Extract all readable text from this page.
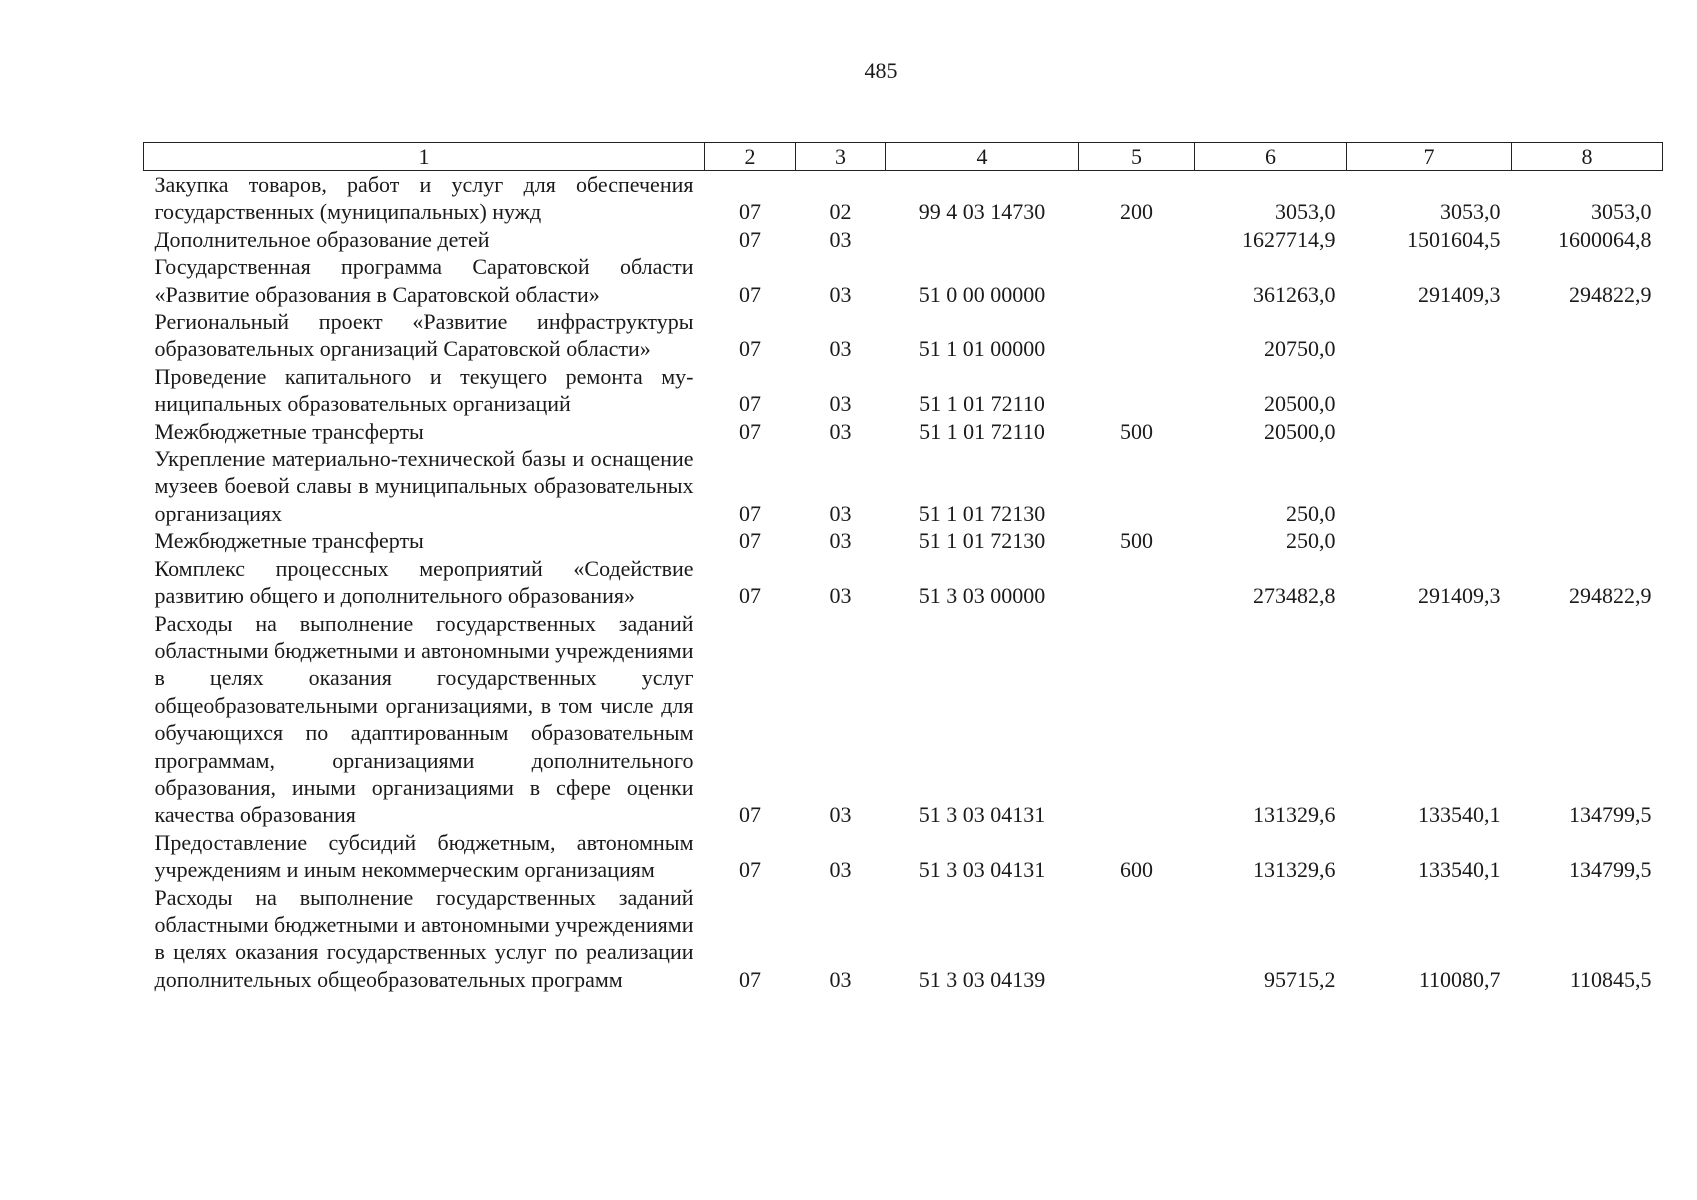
485
1	2	3	4	5	6	7	8
Закупка товаров, работ и услуг для обеспечения государственных (муниципальных) нужд	07	02	99 4 03 14730	200	3053,0	3053,0	3053,0
Дополнительное образование детей	07	03			1627714,9	1501604,5	1600064,8
Государственная программа Саратовской области «Развитие образования в Саратовской области»	07	03	51 0 00 00000		361263,0	291409,3	294822,9
Региональный проект «Развитие инфраструктуры образовательных организаций Саратовской области»	07	03	51 1 01 00000		20750,0		
Проведение капитального и текущего ремонта муниципальных образовательных организаций	07	03	51 1 01 72110		20500,0		
Межбюджетные трансферты	07	03	51 1 01 72110	500	20500,0		
Укрепление материально-технической базы и оснащение музеев боевой славы в муниципальных образовательных организациях	07	03	51 1 01 72130		250,0		
Межбюджетные трансферты	07	03	51 1 01 72130	500	250,0		
Комплекс процессных мероприятий «Содействие развитию общего и дополнительного образования»	07	03	51 3 03 00000		273482,8	291409,3	294822,9
Расходы на выполнение государственных заданий областными бюджетными и автономными учреждениями в целях оказания государственных услуг общеобразовательными организациями, в том числе для обучающихся по адаптированным образовательным программам, организациями дополнительного образования, иными организациями в сфере оценки качества образования	07	03	51 3 03 04131		131329,6	133540,1	134799,5
Предоставление субсидий бюджетным, автономным учреждениям и иным некоммерческим организациям	07	03	51 3 03 04131	600	131329,6	133540,1	134799,5
Расходы на выполнение государственных заданий областными бюджетными и автономными учреждениями в целях оказания государственных услуг по реализации дополнительных общеобразовательных программ	07	03	51 3 03 04139		95715,2	110080,7	110845,5
